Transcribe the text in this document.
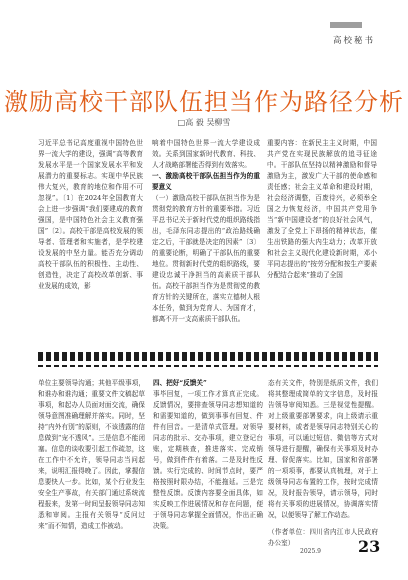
高校秘书
激励高校干部队伍担当作为路径分析
□高 毅 吴柳雪
习近平总书记高度重视中国特色世界一流大学的建设，强调“高等教育发展水平是一个国家发展水平和发展潜力的重要标志。实现中华民族伟大复兴，教育的地位和作用不可忽视”。〔1〕在2024年全国教育大会上进一步强调“我们要建成的教育强国，是中国特色社会主义教育强国”〔2〕。高校干部是高校发展的领导者、管理者和实施者，是学校建设发展的中坚力量。能否充分调动高校干部队伍的积极性、主动性、创造性，决定了高校改革创新、事业发展的成效，影
响着中国特色世界一流大学建设成效。关系到国家新时代教育、科技、人才战略部署能否得到有效落实。
一、激励高校干部队伍担当作为的重要意义
（一）激励高校干部队伍担当作为是贯彻党的教育方针的重要举措。习近平总书记关于新时代党的组织路线指出，毛泽东同志提出的“政治路线确定之后，干部就是决定的因素”〔3〕的重要论断，明确了干部队伍的重要地位。贯彻新时代党的组织路线，要建设忠诚干净担当的高素质干部队伍。高校干部担当作为是贯彻党的教育方针的关键所在，落实立德树人根本任务，做到为党育人、为国育才，都离不开一支高素质干部队伍。
重要内容：在新民主主义时期，中国共产党在实现民族解放的追寻征途中。干部队伍坚持以精神激励和督导激励为主，激发广大干部的使命感和责任感；社会主义革命和建设时期，社会经济调整，百废待兴，必须举全国之力恢复经济，中国共产党用争当“新中国建设者”的良好社会风气，激发了全党上下昂扬的精神状态，催生出铁路的强大内生动力；改革开放和社会主义现代化建设新时期，邓小平同志提出的“按劳分配和按生产要素分配结合起来”推动了全国
单位主要领导沟通；其他平级事项，和谁办和谁沟通；重要文件文稿起草事项，和起办人员面对面交流，确保领导意图准确理解并落实。同时，坚持“内外有别”的原则，不该透露的信息做到“宠不透风”。三是信息不能闭塞。信息的谈收要引起工作疏忽，这在工作中不允许，领导同志当问起来，说明汇报得晚了。因此，掌握信息要快人一步。比如，某个行业发生安全生产事故，有关部门通过系统流程报来，发第一时间呈报领导同志知悉和审阅。主报有关领导“反问过来”而不知情，造成工作被动。
四、把好“反馈关”
事毕回复，一项工作才算真正完成。反馈情况，要排查领导同志想知道的和需要知道的，做到事事有回复、件件有回音。一是清单式管理。对领导同志的批示、交办事项，建立登记台账，定期核查，推进落实、完成销号，做到件件有着落。二是及时性反馈。实行完成的、时间节点时，要严格按照时限办结，不能拖延。三是完整性反馈。反馈内容要全面具体，如实反映工作进展情况和存在问题，便于领导同志掌握全面情况，作出正确决策。
态有关文件，特别是纸质文件，我们将其整理成简单的文字信息，及时报告领导审阅知悉。三是视觉性提醒。对上级重要部署要求，向上级请示重要材料，或者是领导同志特别关心的事项，可以通过短信、微信等方式对领导进行提醒，确保有关事项及时办理、督促落实。比如，国家和省部署的一项项事，都要认真梳理，对于上级领导同志布置的工作，按时完成情况，及时报告领导，请示领导，同时将有关事项的进展情况，协调落实情况，以便领导了解工作动态。
（作者单位：四川省内江市人民政府办公室）
2025.9 23
